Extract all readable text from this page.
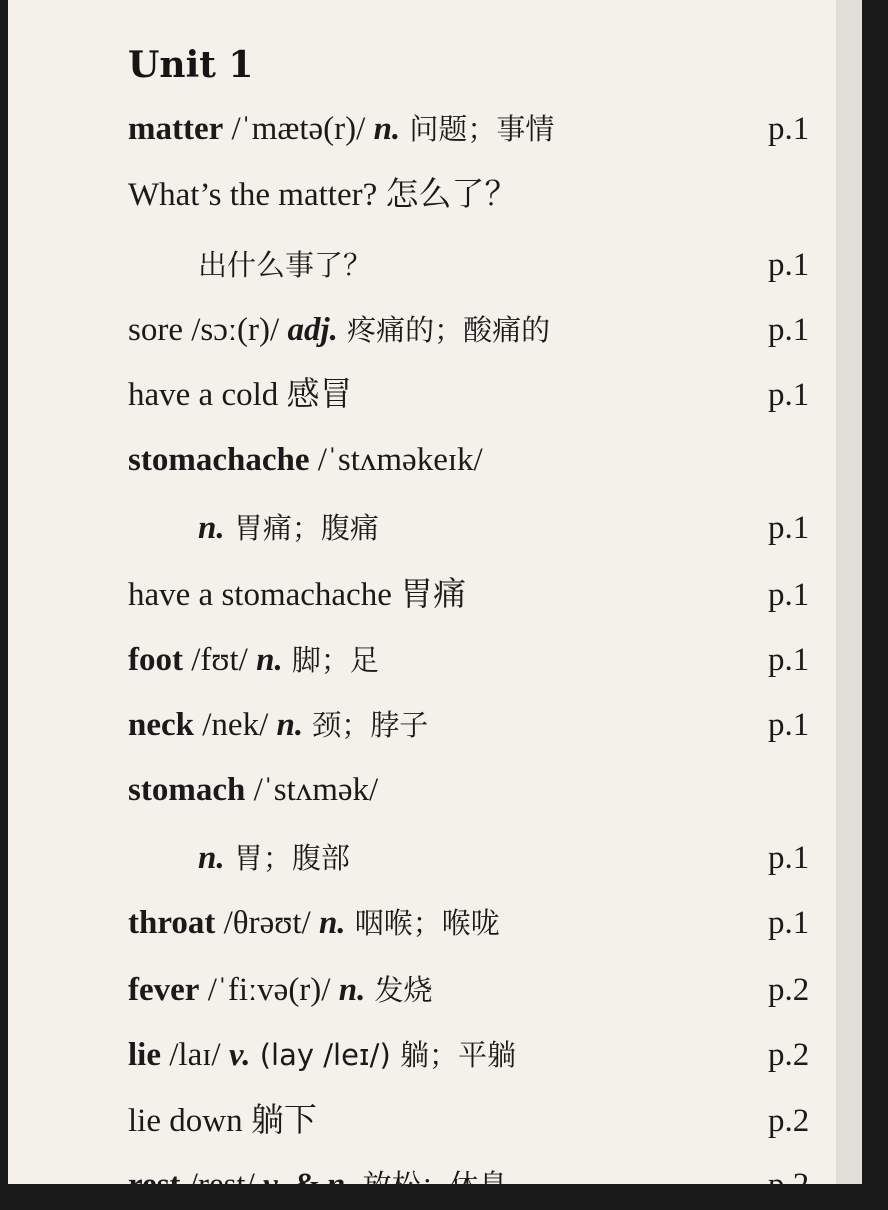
Unit 1
matter /ˈmætə(r)/ n. 问题；事情	p.1
What’s the matter? 怎么了？
出什么事了？	p.1
sore /sɔː(r)/ adj. 疼痛的；酸痛的	p.1
have a cold 感冒	p.1
stomachache /ˈstʌməkeɪk/
n. 胃痛；腹痛	p.1
have a stomachache 胃痛	p.1
foot /fʊt/ n. 脚；足	p.1
neck /nek/ n. 颈；脖子	p.1
stomach /ˈstʌmək/
n. 胃；腹部	p.1
throat /θrəʊt/ n. 咽喉；喉咙	p.1
fever /ˈfiːvə(r)/ n. 发烧	p.2
lie /laɪ/ v. (lay /leɪ/) 躺；平躺	p.2
lie down 躺下	p.2
rest /rest/ v. & n. 放松；休息	p.2
